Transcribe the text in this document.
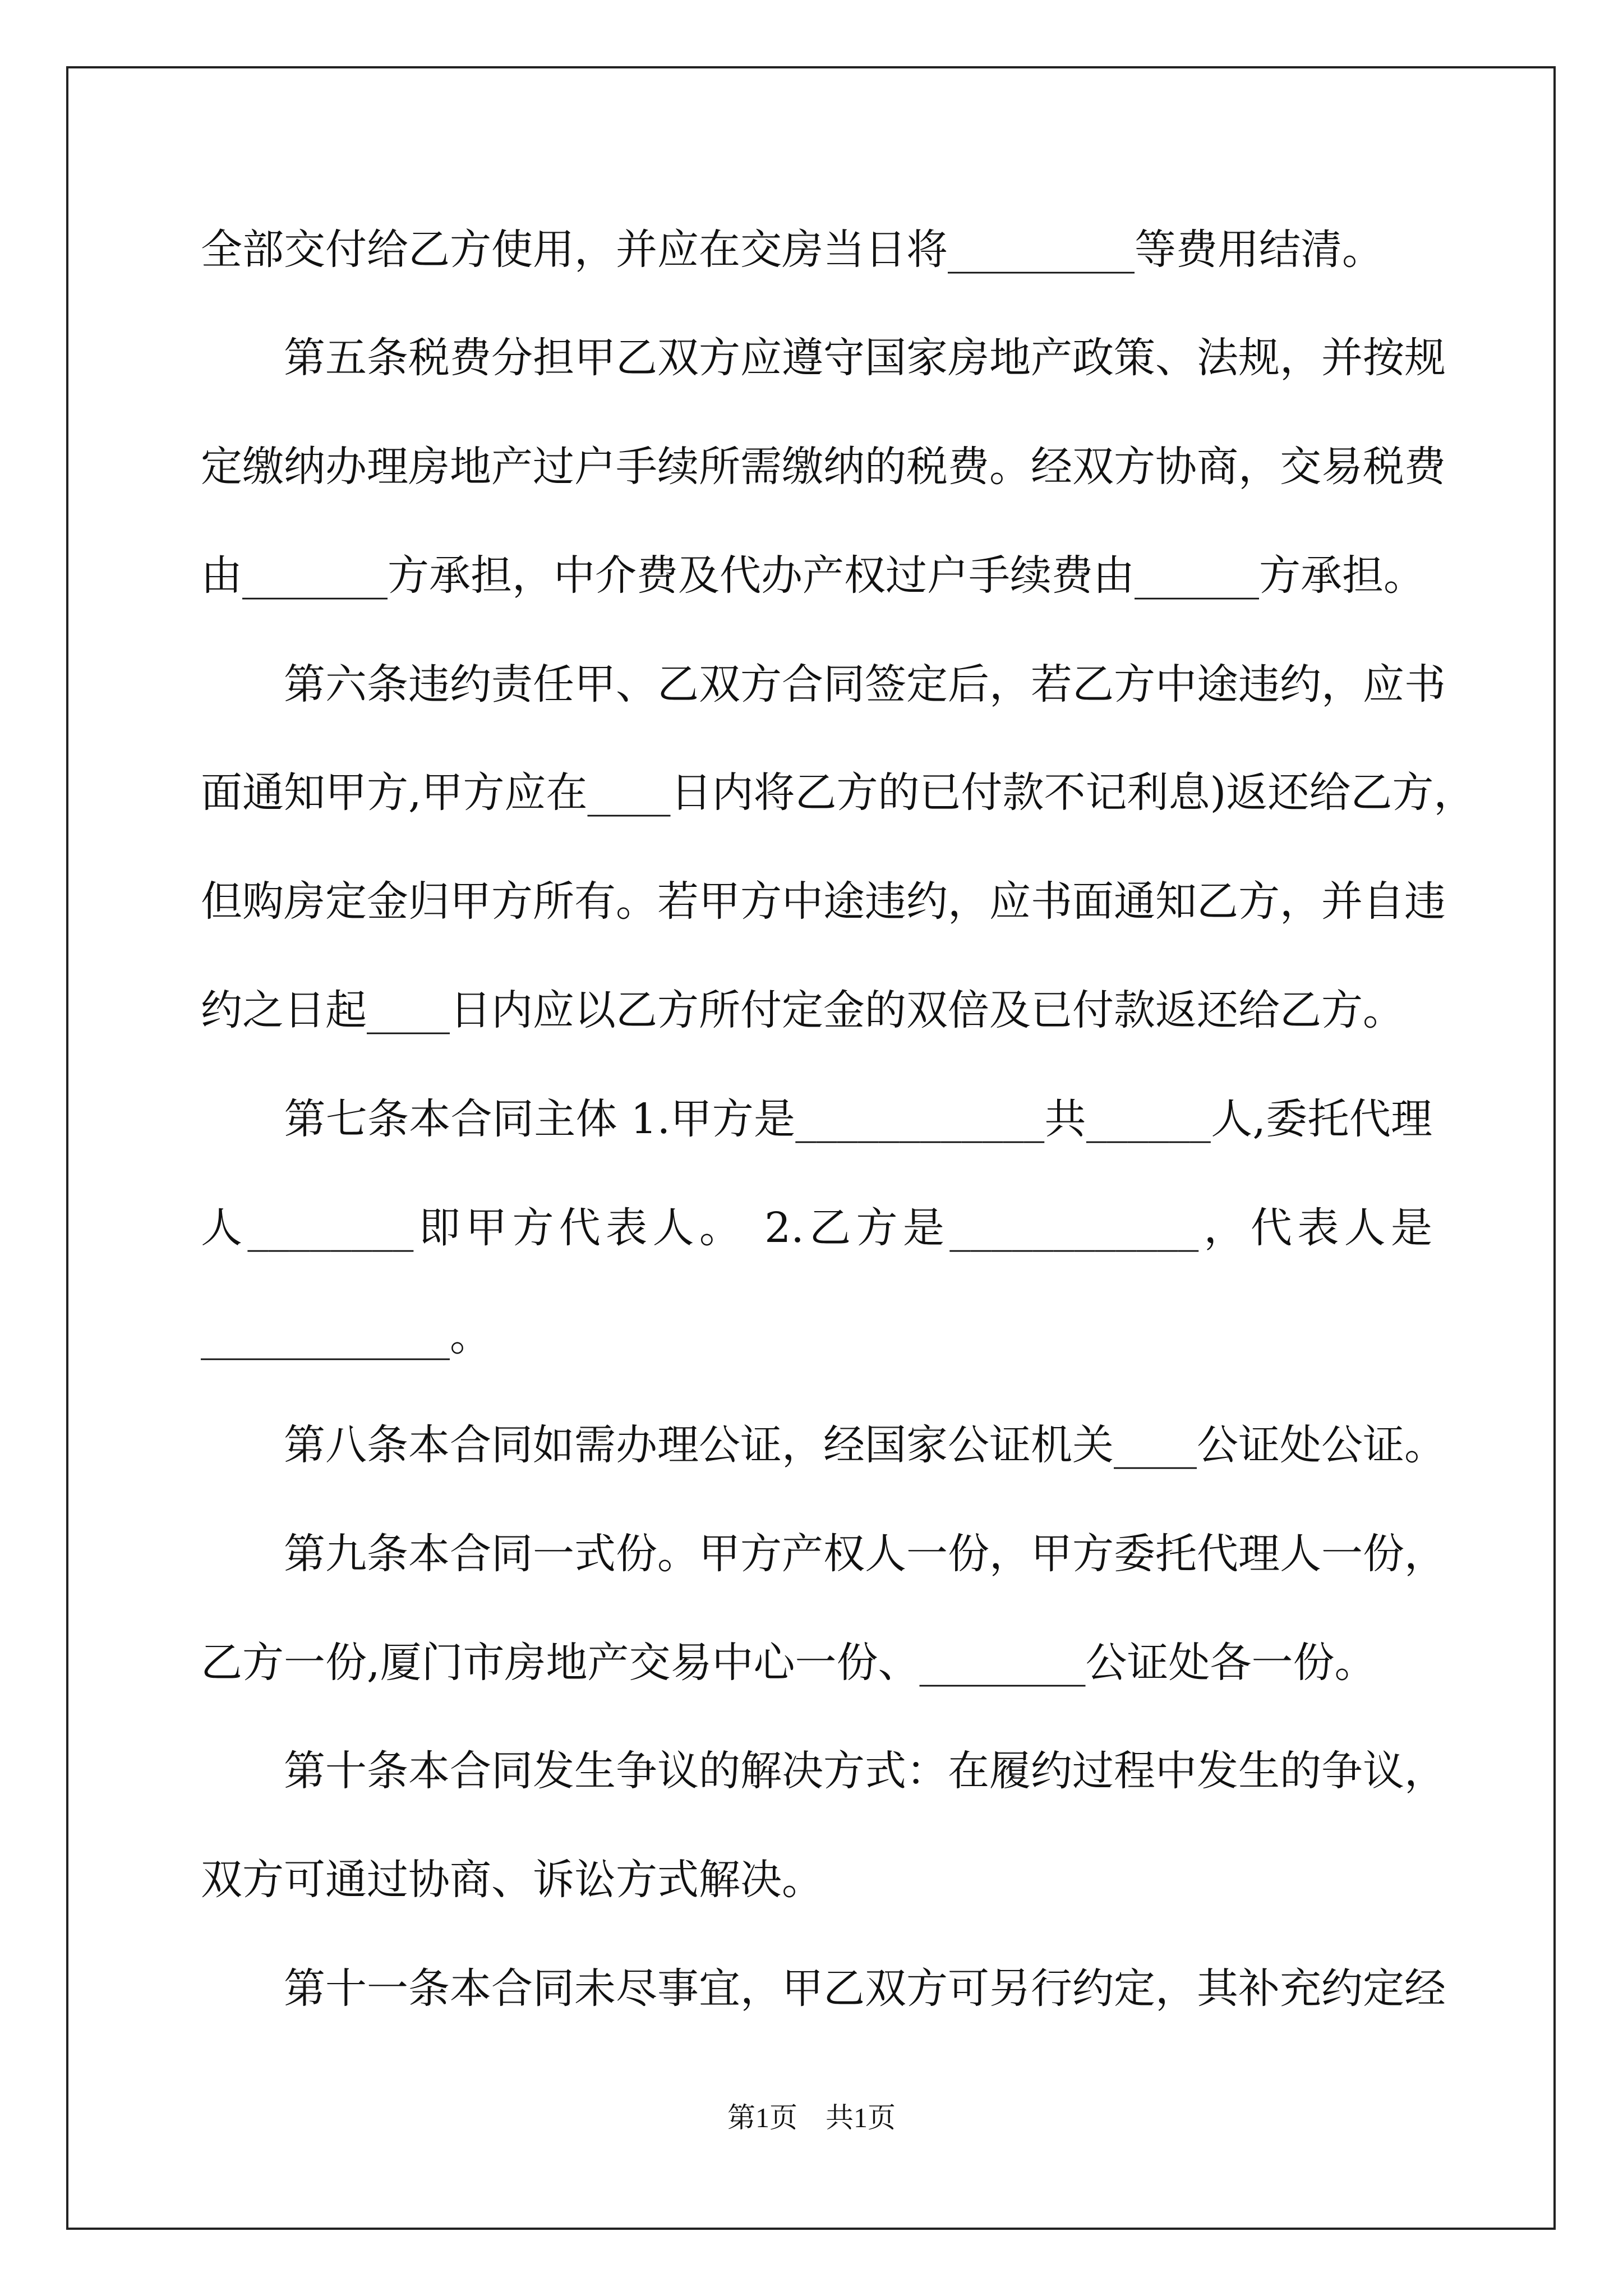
全部交付给乙方使用，并应在交房当日将_________等费用结清。

　　第五条税费分担甲乙双方应遵守国家房地产政策、法规，并按规

定缴纳办理房地产过户手续所需缴纳的税费。经双方协商，交易税费

由_______方承担，中介费及代办产权过户手续费由______方承担。

　　第六条违约责任甲、乙双方合同签定后，若乙方中途违约，应书

面通知甲方,甲方应在____日内将乙方的已付款不记利息)返还给乙方，

但购房定金归甲方所有。若甲方中途违约，应书面通知乙方，并自违

约之日起____日内应以乙方所付定金的双倍及已付款返还给乙方。

　　第七条本合同主体 1.甲方是____________共______人,委托代理

人________即甲方代表人。 2.乙方是____________，代表人是

____________。

　　第八条本合同如需办理公证，经国家公证机关____公证处公证。

　　第九条本合同一式份。甲方产权人一份，甲方委托代理人一份，

乙方一份,厦门市房地产交易中心一份、________公证处各一份。

　　第十条本合同发生争议的解决方式：在履约过程中发生的争议，

双方可通过协商、诉讼方式解决。

　　第十一条本合同未尽事宜，甲乙双方可另行约定，其补充约定经

第1页　共1页
